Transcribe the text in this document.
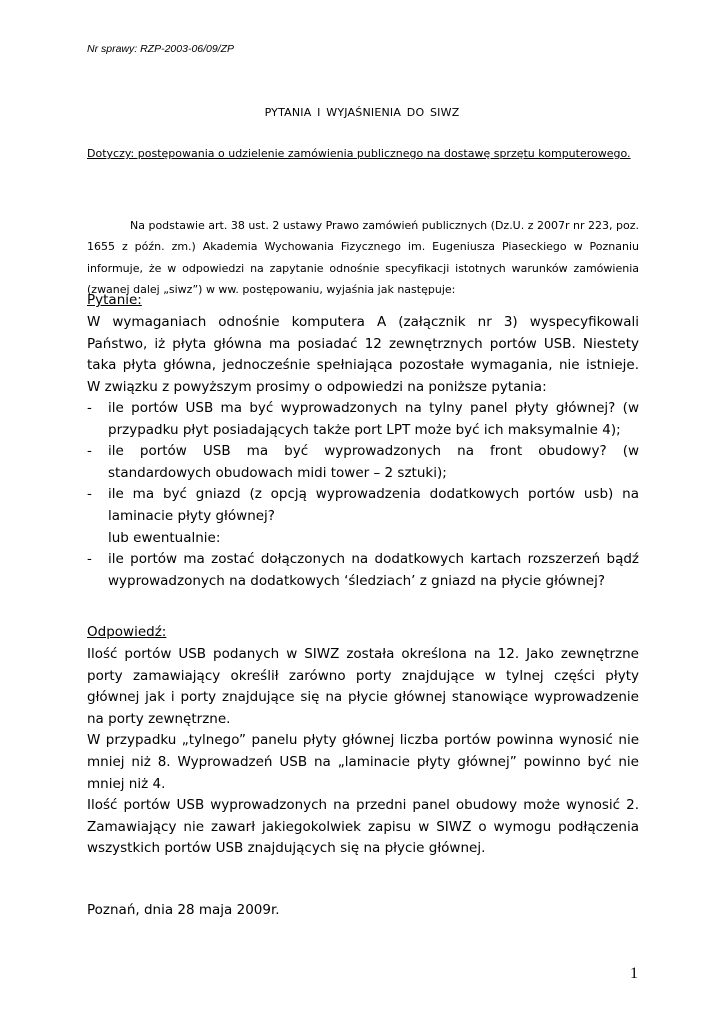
Nr sprawy: RZP-2003-06/09/ZP
PYTANIA I WYJAŚNIENIA DO SIWZ
Dotyczy: postępowania o udzielenie zamówienia publicznego na dostawę sprzętu komputerowego.
Na podstawie art. 38 ust. 2 ustawy Prawo zamówień publicznych (Dz.U. z 2007r nr 223, poz. 1655 z późn. zm.) Akademia Wychowania Fizycznego im. Eugeniusza Piaseckiego w Poznaniu informuje, że w odpowiedzi na zapytanie odnośnie specyfikacji istotnych warunków zamówienia (zwanej dalej „siwz”) w ww. postępowaniu, wyjaśnia jak następuje:
Pytanie:

W wymaganiach odnośnie komputera A (załącznik nr 3) wyspecyfikowali Państwo, iż płyta główna ma posiadać 12 zewnętrznych portów USB. Niestety taka płyta główna, jednocześnie spełniająca pozostałe wymagania, nie istnieje. W związku z powyższym prosimy o odpowiedzi na poniższe pytania:

- ile portów USB ma być wyprowadzonych na tylny panel płyty głównej? (w przypadku płyt posiadających także port LPT może być ich maksymalnie 4);
- ile portów USB ma być wyprowadzonych na front obudowy? (w standardowych obudowach midi tower – 2 sztuki);
- ile ma być gniazd (z opcją wyprowadzenia dodatkowych portów usb) na laminacie płyty głównej?
lub ewentualnie:
- ile portów ma zostać dołączonych na dodatkowych kartach rozszerzeń bądź wyprowadzonych na dodatkowych ‘śledziach’ z gniazd na płycie głównej?
Odpowiedź:

Ilość portów USB podanych w SIWZ została określona na 12. Jako zewnętrzne porty zamawiający określił zarówno porty znajdujące w tylnej części płyty głównej jak i porty znajdujące się na płycie głównej stanowiące wyprowadzenie na porty zewnętrzne.

W przypadku „tylnego” panelu płyty głównej liczba portów powinna wynosić nie mniej niż 8. Wyprowadzeń USB na „laminacie płyty głównej” powinno być nie mniej niż 4.

Ilość portów USB wyprowadzonych na przedni panel obudowy może wynosić 2. Zamawiający nie zawarł jakiegokolwiek zapisu w SIWZ o wymogu podłączenia wszystkich portów USB znajdujących się na płycie głównej.

Poznań, dnia 28 maja 2009r.
1
